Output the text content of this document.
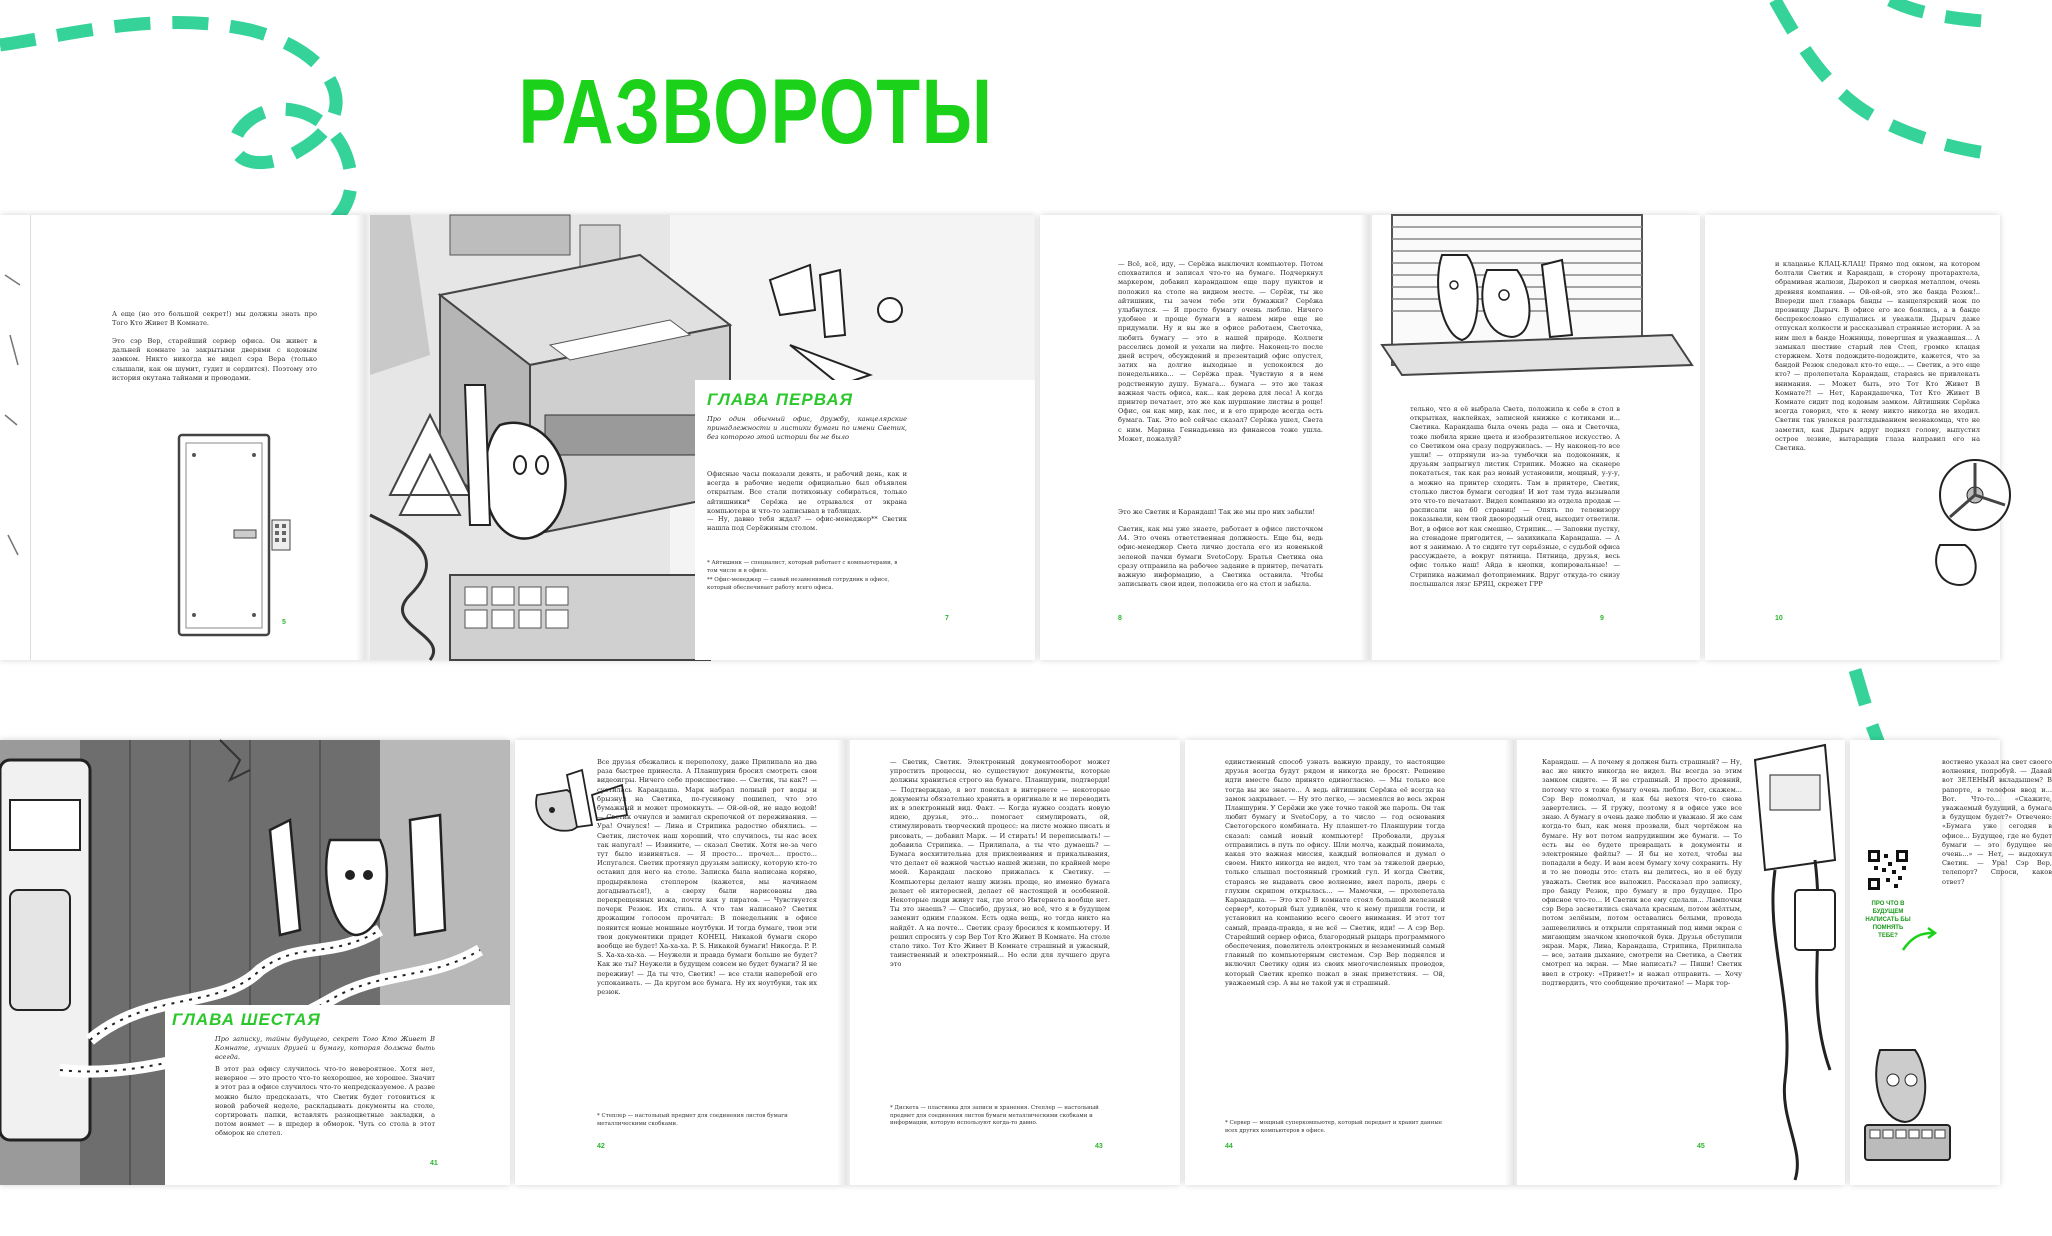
РАЗВОРОТЫ
А еще (но это большой секрет!) мы должны знать про Того Кто Живет В Комнате.
Это сэр Вер, старейший сервер офиса. Он живет в дальней комнате за закрытыми дверями с кодовым замком. Никто никогда не видел сэра Вера (только слышали, как он шумит, гудит и сердится). Поэтому это история окутана тайнами и проводами.
5
ГЛАВА ПЕРВАЯ
Про один обычный офис, дружбу, канцелярские принадлежности и листики бумаги по имени Светик, без которого этой истории бы не было
Офисные часы показали девять, и рабочий день, как и всегда в рабочие недели официально был объявлен открытым. Все стали потихоньку собираться, только айтишники* Серёжа не отрывался от экрана компьютера и что-то записывал в таблицах.
— Ну, давно тебя ждал? — офис-менеджер** Светик нашла под Серёжиным столом.
* Айтишник — специалист, который работает с компьютерами, в том числе и в офисе.
** Офис-менеджер — самый незаменимый сотрудник в офисе, который обеспечивает работу всего офиса.
7
— Всё, всё, иду, — Серёжа выключил компьютер. Потом спохватился и записал что-то на бумаге. Подчеркнул маркером, добавил карандашом еще пару пунктов и положил на столе на видном месте. — Серёж, ты же айтишник, ты зачем тебе эти бумажки? Серёжа улыбнулся. — Я просто бумагу очень люблю. Ничего удобнее и проще бумаги в нашем мире еще не придумали. Ну и вы же в офисе работаем, Светочка, любить бумагу — это в нашей природе. Коллеги расселись домой и уехали на лифте. Наконец-то после дней встреч, обсуждений и презентаций офис опустел, затих на долгие выходные и успокоился до понедельника... — Серёжа прав. Чувствую я в нем родственную душу. Бумага... бумага — это же такая важная часть офиса, как... как дерева для леса! А когда принтер печатает, это же как шуршание листвы в роще! Офис, он как мир, как лес, и в его природе всегда есть бумага. Так. Это всё сейчас сказал? Серёжа ушел, Света с ним. Марина Геннадьевна из финансов тоже ушла. Может, пожалуй?
Это же Светик и Карандаш! Так же мы про них забыли!
Светик, как мы уже знаете, работает в офисе листочком А4. Это очень ответственная должность. Еще бы, ведь офис-менеджер Света лично достала его из новенькой зеленой пачки бумаги SvetoCopy. Братья Светика она сразу отправила на рабочее задание в принтер, печатать важную информацию, а Светика оставила. Чтобы записывать свои идеи, положила его на стол и забыла.
8
тельно, что я её выбрала Света, положила к себе в стол в открытках, наклейках, записной книжке с котиками и... Светика. Карандаша была очень рада — она и Светочка, тоже любила яркие цвета и изобразительное искусство. А со Светиком она сразу подружилась. — Ну наконец-то все ушли! — отпрянули из-за тумбочки на подоконник, к друзьям запрыгнул листик Стрипик. Можно на сканере покататься, так как раз новый установили, мощный, у-у-у, а можно на принтер сходить. Там в принтере, Светик, столько листов бумаги сегодня! И вот там туда вызывали это что-то печатают. Видел компанию из отдела продаж — расписали на 60 страниц! — Опять по телевизору показывали, кем твой двоюродный отец, выходит ответили. Вот, в офисе вот как смешно, Стрипик... — Заповни пустку, на стенадоне пригодится, — захихикала Карандаша. — А вот я занимаю. А то сидите тут серьёзные, с судьбой офиса рассуждаете, а вокруг пятница. Пятница, друзья, весь офис только наш! Айда в кнопки, копировальные! — Стрипика нажимал фотоприемник. Вдруг откуда-то снизу послышался лязг БРЯЦ, скрежет ГРР
9
и клацанье КЛАЦ-КЛАЦ! Прямо под окном, на котором болтали Светик и Карандаш, в сторону протарахтела, обрамивая жалюзи, Дырокол и сверкая металлом, очень древняя компания. — Ой-ой-ой, это же банда Резюк!.. Впереди шел главарь банды — канцелярский нож по прозвищу Дырыч. В офисе его все боялись, а в банде беспрекословно слушались и уважали. Дырыч даже отпускал колкости и рассказывал странные истории. А за ним шел в банде Ножницы, повергшая и уважавшая... А замыкал шествие старый лев Степ, громко клацая стержнем. Хотя подождите-подождите, кажется, что за бандой Резюк следовал кто-то еще... — Светик, а это еще кто? — пролепетала Карандаш, стараясь не привлекать внимания. — Может быть, это Тот Кто Живет В Комнате?! — Нет, Карандашечка, Тот Кто Живет В Комнате сидит под кодовым замком. Айтишник Серёжа всегда говорил, что к нему никто никогда не входил. Светик так увлекся разглядыванием незнакомца, что не заметил, как Дырыч вдруг поднял голову, выпустил острое лезвие, вытаращив глаза направил его на Светика.
10
ГЛАВА ШЕСТАЯ
Про записку, тайны будущего, секрет Того Кто Живет В Комнате, лучших друзей и бумагу, которая должна быть всегда.
В этот раз офису случилось что-то невероятное. Хотя нет, неверное — это просто что-то нехорошее, не хорошее. Значит в этот раз в офисе случилось что-то непредсказуемое. А разве можно было предсказать, что Светик будет готовиться к новой рабочей неделе, раскладывать документы на столе, сортировать папки, вставлять разноцветные закладки, а потом вонмет — в шредер в обморок. Чуть со стола в этот обморок не слетел.
41
Все друзья сбежались к переполоху, даже Прилипала на два раза быстрее принесла. А Планшурин бросил смотреть свои видеоигры. Ничего себе происшествие. — Светик, ты как?! — суетилась Карандаша. Марк набрал полный рот воды и брызнул на Светика, по-гусиному пошипел, что это бумажный и может промокнуть. — Ой-ой-ой, не надо водой! — Светик очнулся и замигал скрепочкой от переживания. — Ура! Очнулся! — Лина и Стрипика радостно обнялись. — Светик, листочек наш хороший, что случилось, ты нас всех так напугал! — Извините, — сказал Светик. Хотя не-за чего тут было извиняться. — Я просто... прочел... просто... Испугался. Светик протянул друзьям записку, которую кто-то оставил для него на столе. Записка была написана коряво, продырявлена степлером (кажется, мы начинаем догадываться!), а сверху были нарисованы два перекрещенных ножа, почти как у пиратов. — Чувствуется почерк Резюк. Их стиль. А что там написано? Светик дрожащим голосом прочитал: В понедельник в офисе появится новые моншные ноутбуки. И тогда бумаге, твои эти твои документики придет КОНЕЦ. Никакой бумаги скоро вообще не будет! Ха-ха-ха. P. S. Никакой бумаги! Никогда. P. P. S. Ха-ха-ха-ха. — Неужели и правда бумаги больше не будет? Как же ты? Неужели в будущем совсем не будет бумаги? Я не переживу! — Да ты что, Светик! — все стали наперебой его успокаивать. — Да кругом все бумага. Ну их ноутбуки, так их резюк.
* Степлер — настольный предмет для соединения листов бумаги металлическими скобками.
42
— Светик, Светик. Электронный документооборот может упростить процессы, но существуют документы, которые должны храниться строго на бумаге. Планшурин, подтверди! — Подтверждаю, я вот поискал в интернете — некоторые документы обязательно хранить в оригинале и не переводить их в электронный вид. Факт. — Когда нужно создать новую идею, друзья, это... помогает симулировать, ой, стимулировать творческий процесс: на листе можно писать и рисовать, — добавил Марк. — И стирать! И переписывать! — добавила Стрипика. — Прилипала, а ты что думаешь? — Бумага восхитительна для приклеивания и прикалывания, что делает её важной частью нашей жизни, по крайней мере моей. Карандаш ласково прижалась к Светику. — Компьютеры делают нашу жизнь проще, но именно бумага делает её интересней, делает её настоящей и особенной. Некоторые люди живут так, где этого Интернета вообще нет. Ты это знаешь? — Спасибо, друзья, но всё, что я в будущем заменит одним глазком. Есть одна вещь, но тогда никто на найдёт. А на почте... Светик сразу бросился к компьютеру. И решил спросить у сэр Вер Тот Кто Живет В Комнате. На столе стало тихо. Тот Кто Живет В Комнате страшный и ужасный, таинственный и электронный... Но если для лучшего друга это
* Дискета — пластинка для записи и хранения. Степлер — настольный предмет для соединения листов бумаги металлическими скобками и информации, которую используют когда-то давно.
43
единственный способ узнать важную правду, то настоящие друзья всегда будут рядом и никогда не бросят. Решение идти вместе было принято единогласно. — Мы только все тогда вы же знаете... А ведь айтишник Серёжа её всегда на замок закрывает. — Ну это легко, — засмеялся во весь экран Планшурин. У Серёжи же уже точно такой же пароль. Он так любит бумагу и SvetoCopy, а то число — год основания Светогорского комбината. Ну планшет-то Планшурин тогда сказал: самый новый компьютер! Пробовали, друзья отправились в путь по офису. Шли молча, каждый понимала, какая это важная миссия, каждый волновался и думал о своем. Никто никогда не видел, что там за тяжелой дверью, только слышал постоянный громкий гул. И когда Светик, стараясь не выдавать свое волнение, ввел пароль, дверь с глухим скрипом открылась... — Мамочки, — пролепетала Карандаша. — Это кто? В комнате стоял большой железный сервер*, который был удивлён, что к нему пришли гости, и установил на компанию всего своего внимания. И этот тот самый, правда-правда, я не всё — Светик, иди! — А сэр Вер. Старейший сервер офиса, благородный рыцарь программного обеспечения, повелитель электронных и незаменимый самый главный по компьютерным системам. Сэр Вер поднялся и включил Светику один из своих многочисленных проводов, который Светик крепко пожал в знак приветствия. — Ой, уважаемый сэр. А вы не такой уж и страшный.
* Сервер — мощный суперкомпьютер, который передает и хранит данные всех других компьютеров в офисе.
44
Карандаш. — А почему я должен быть страшный? — Ну, вас же никто никогда не видел. Вы всегда за этим замком сидите. — Я не страшный. Я просто древний, потому что я тоже бумагу очень люблю. Вот, скажем... Сэр Вер помолчал, и как бы нехотя что-то снова завертелись. — Я гружу, поэтому я в офисе уже все знаю. А бумагу я очень даже люблю и уважаю. Я же сам когда-то был, как меня прозвали, был чертёжом на бумаге. Ну вот потом напрудившим же бумаги. — То есть вы ее будете превращать в документы и электронные файлы? — Я бы не хотел, чтобы вы попадали в беду. И вам всем бумагу хочу сохранить. Ну и то не поводы это: стать вы делитесь, но я её буду уважать. Светик все выложил. Рассказал про записку, про банду Резюк, про бумагу и про будущее. Про офисное что-то... И Светик все ему сделали... Лампочки сэр Вера засветились сначала красным, потом жёлтым, потом зелёным, потом оставались белыми, провода зашевелились и открыли спрятанный под ними экран с мигающим значком кнопочкой букв. Друзья обступили экран. Марк, Лина, Карандаша, Стрипика, Прилипала — все, затаив дыхание, смотрели на Светика, а Светик смотрел на экран. — Мне написать? — Пиши! Светик ввел в строку: «Привет!» и нажал отправить. — Хочу подтвердить, что сообщение прочитано! — Марк тор-
45
ПРО ЧТО В БУДУЩЕМ НАПИСАТЬ БЫ ПОМНЯТЬ ТЕБЕ?
воствено указал на свет своего волнения, попробуй. — Давай вот ЗЕЛЕНЫЙ вкладышем? В рапорте, в телефон ввод и... Вот. Что-то... «Скажите, уважаемый будущий, а бумага в будущем будет?» Отвечено: «Бумага уже сегодня в офисе... Будущее, где не будет бумаги — это будущее не очень...» — Нет, — выдохнул Светик. — Ура! Сэр Вер, телепорт? Спроси, каков ответ?
